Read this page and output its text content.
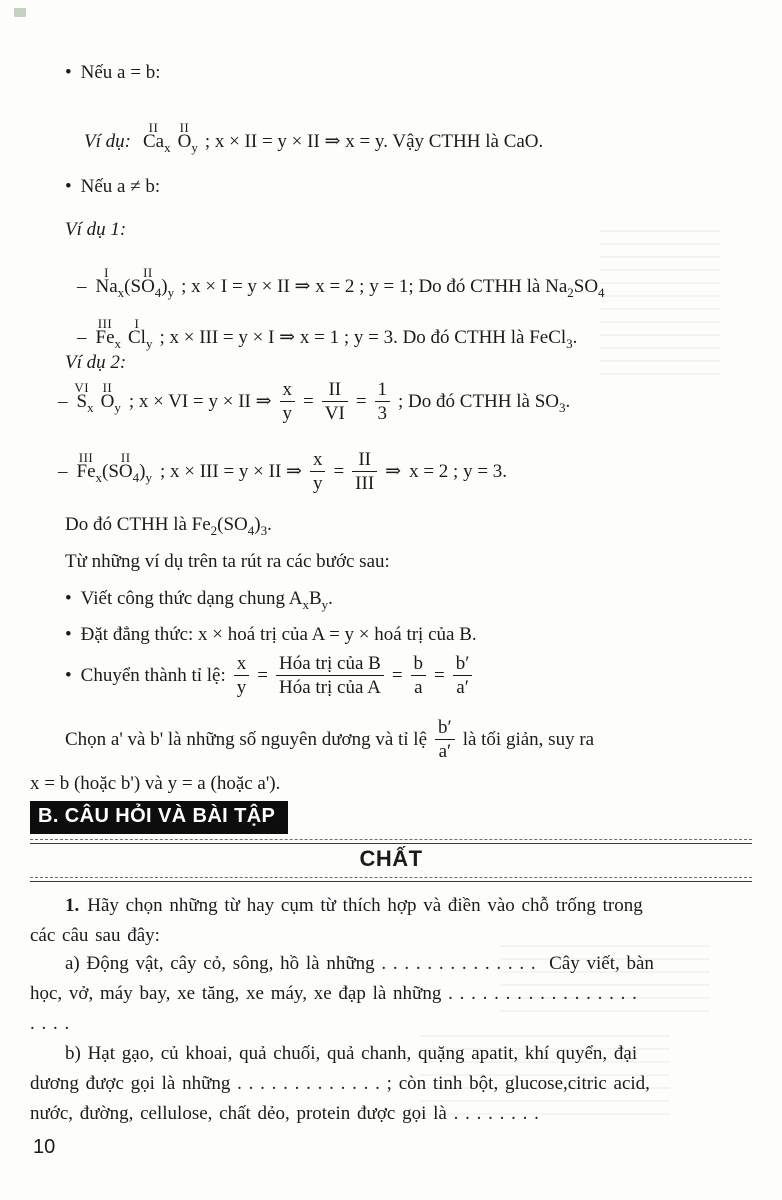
• Nếu a = b:

Ví dụ:
II
$Ca_x$
II
$O_y$ ; x × II = y × II ⇒ x = y. Vậy CTHH là CaO.

• Nếu a ≠ b:
Ví dụ 1:

–
I
$Na_x(S$
II
$O_4)_y$ ; x × I = y × II ⇒ x = 2 ; y = 1; Do đó CTHH là $Na_2SO_4$

–
III
$Fe_x$
I
$Cl_y$ ; x × III = y × I ⇒ x = 1 ; y = 3. Do đó CTHH là FeCl$_3$.

Ví dụ 2:
–
VI
$S_x$
II
$O_y$ ; x × VI = y × II ⇒ $\frac{x}{y} = \frac{II}{VI} = \frac{1}{3}$ ; Do đó CTHH là $SO_3$.
–
III
$Fe_x(S$
II
$O_4)_y$ ; x × III = y × II ⇒ $\frac{x}{y} = \frac{II}{\text{III}}$ ⇒ x = 2 ; y = 3.
Do đó CTHH là $Fe_2(SO_4)_3$.
Từ những ví dụ trên ta rút ra các bước sau:
• Viết công thức dạng chung $A_xB_y$.
• Đặt đẳng thức: x × hoá trị của A = y × hoá trị của B.
• Chuyển thành tỉ lệ: $\frac{x}{y} = \frac{\text{Hóa trị của B}}{\text{Hóa trị của A}} = \frac{b}{a} = \frac{b'}{a'}$
Chọn a' và b' là những số nguyên dương và tỉ lệ $\frac{b'}{a'}$ là tối giản, suy ra
x = b (hoặc b') và y = a (hoặc a').
B. CÂU HỎI VÀ BÀI TẬP
CHẤT
1. Hãy chọn những từ hay cụm từ thích hợp và điền vào chỗ trống trong
các câu sau đây:
a) Động vật, cây cỏ, sông, hồ là những . . . . . . . . . . . . . .  Cây viết, bàn
học, vở, máy bay, xe tăng, xe máy, xe đạp là những . . . . . . . . . . . . . . . . .
. . . .
b) Hạt gạo, củ khoai, quả chuối, quả chanh, quặng apatit, khí quyển, đại
dương được gọi là những . . . . . . . . . . . . . ; còn tinh bột, glucose,citric acid,
nước, đường, cellulose, chất dẻo, protein được gọi là . . . . . . . .
10
